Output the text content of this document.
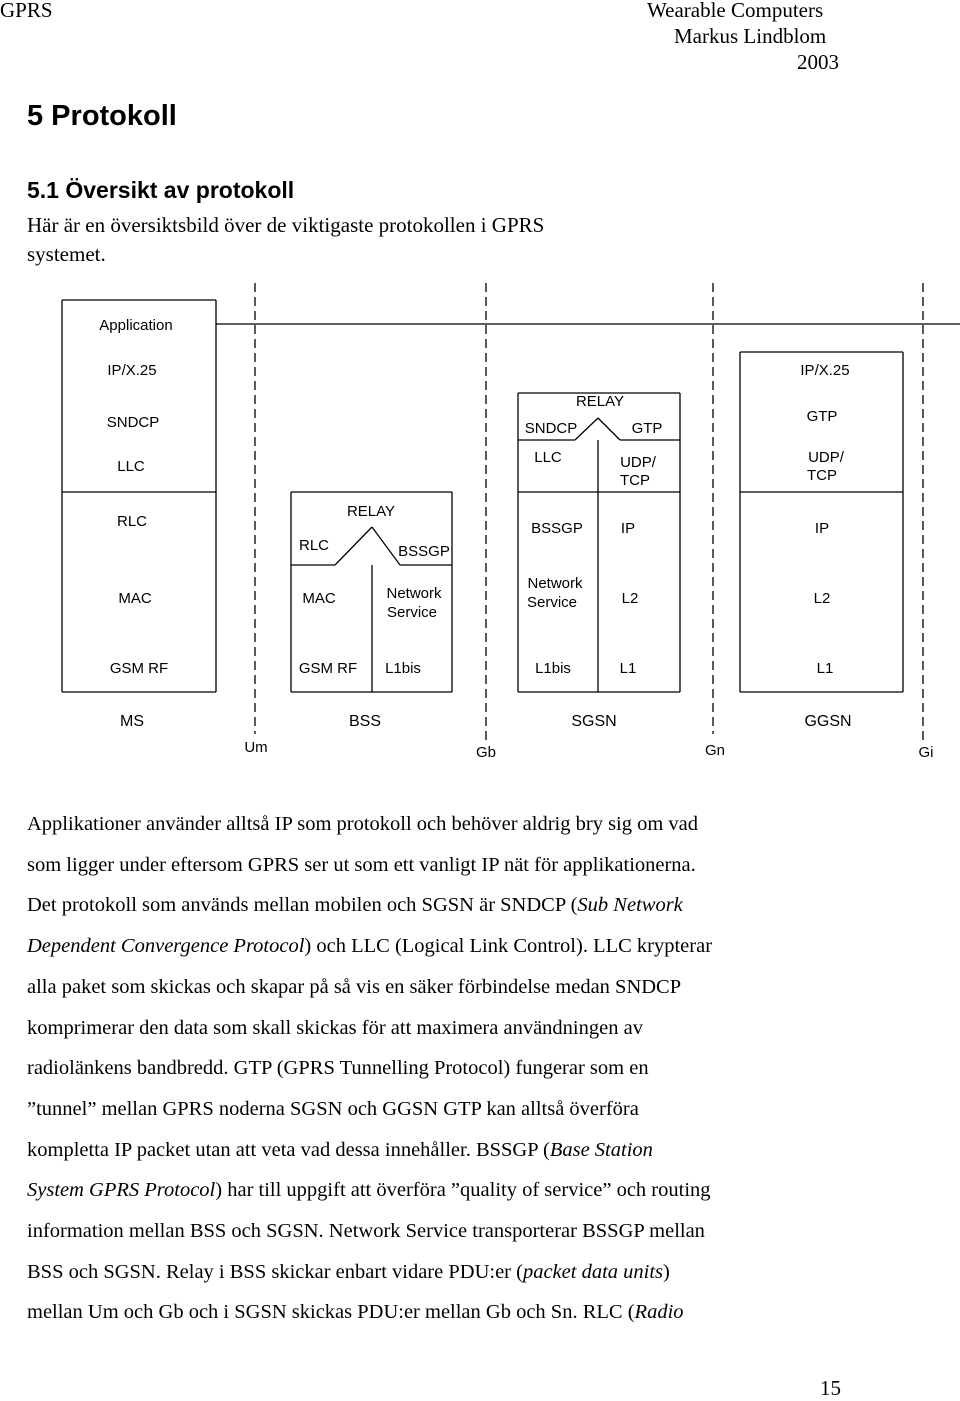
GPRS	Wearable Computers
Markus Lindblom
2003
5 Protokoll
5.1 Översikt av protokoll
Här är en översiktsbild över de viktigaste protokollen i GPRS
systemet.
Application
IP/X.25
SNDCP
LLC
RLC
MAC
GSM RF
RELAY
RLC	BSSGP
MAC	Network
Service
GSM RF L1bis
RELAY
SNDCP	GTP
LLC	UDP/
TCP
BSSGP	IP
Network
Service	L2
L1bis	L1
IP/X.25
GTP
UDP/
TCP
IP
L2
L1
MS	BSS	SGSN	GGSN
Um	Gb	Gn	Gi
Applikationer använder alltså IP som protokoll och behöver aldrig bry sig om vad
som ligger under eftersom GPRS ser ut som ett vanligt IP nät för applikationerna.
Det protokoll som används mellan mobilen och SGSN är SNDCP (Sub Network
Dependent Convergence Protocol) och LLC (Logical Link Control). LLC krypterar
alla paket som skickas och skapar på så vis en säker förbindelse medan SNDCP
komprimerar den data som skall skickas för att maximera användningen av
radiolänkens bandbredd. GTP (GPRS Tunnelling Protocol) fungerar som en
”tunnel” mellan GPRS noderna SGSN och GGSN GTP kan alltså överföra
kompletta IP packet utan att veta vad dessa innehåller. BSSGP (Base Station
System GPRS Protocol) har till uppgift att överföra ”quality of service” och routing
information mellan BSS och SGSN. Network Service transporterar BSSGP mellan
BSS och SGSN. Relay i BSS skickar enbart vidare PDU:er (packet data units)
mellan Um och Gb och i SGSN skickas PDU:er mellan Gb och Sn. RLC (Radio
15
